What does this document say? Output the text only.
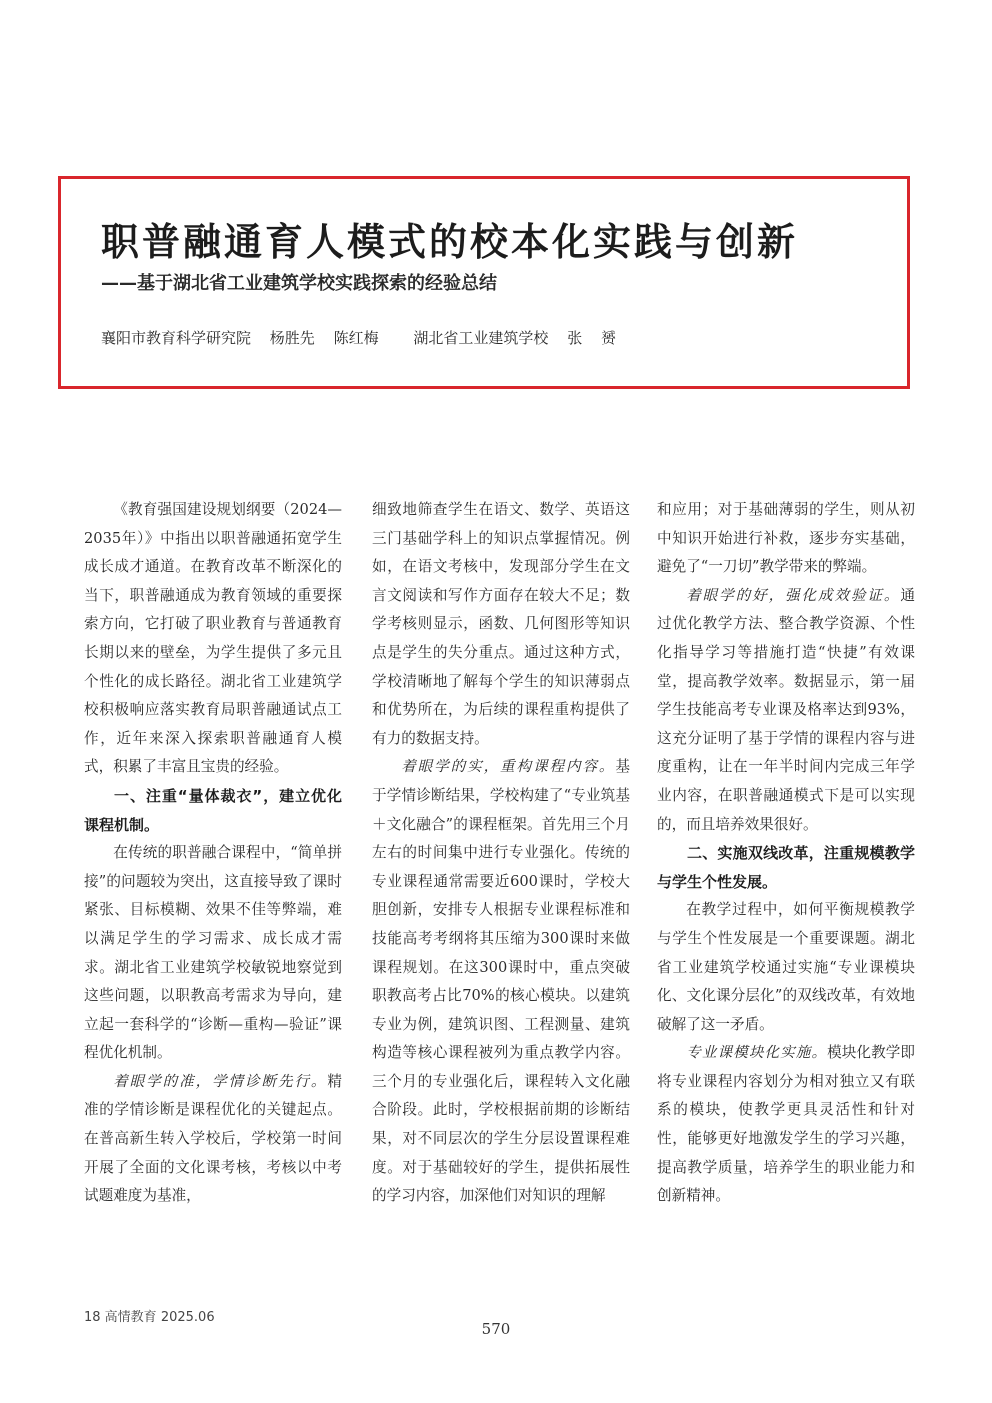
职普融通育人模式的校本化实践与创新
——基于湖北省工业建筑学校实践探索的经验总结
襄阳市教育科学研究院 杨胜先 陈红梅 湖北省工业建筑学校 张 赟

《教育强国建设规划纲要（2024—2035年）》中指出以职普融通拓宽学生成长成才通道。在教育改革不断深化的当下，职普融通成为教育领域的重要探索方向，它打破了职业教育与普通教育长期以来的壁垒，为学生提供了多元且个性化的成长路径。湖北省工业建筑学校积极响应落实教育局职普融通试点工作，近年来深入探索职普融通育人模式，积累了丰富且宝贵的经验。

一、注重“量体裁衣”，建立优化课程机制。

在传统的职普融合课程中，“简单拼接”的问题较为突出，这直接导致了课时紧张、目标模糊、效果不佳等弊端，难以满足学生的学习需求、成长成才需求。湖北省工业建筑学校敏锐地察觉到这些问题，以职教高考需求为导向，建立起一套科学的“诊断—重构—验证”课程优化机制。

着眼学的准，学情诊断先行。精准的学情诊断是课程优化的关键起点。在普高新生转入学校后，学校第一时间开展了全面的文化课考核，考核以中考试题难度为基准，

细致地筛查学生在语文、数学、英语这三门基础学科上的知识点掌握情况。例如，在语文考核中，发现部分学生在文言文阅读和写作方面存在较大不足；数学考核则显示，函数、几何图形等知识点是学生的失分重点。通过这种方式，学校清晰地了解每个学生的知识薄弱点和优势所在，为后续的课程重构提供了有力的数据支持。

着眼学的实，重构课程内容。基于学情诊断结果，学校构建了“专业筑基＋文化融合”的课程框架。首先用三个月左右的时间集中进行专业强化。传统的专业课程通常需要近600课时，学校大胆创新，安排专人根据专业课程标准和技能高考考纲将其压缩为300课时来做课程规划。在这300课时中，重点突破职教高考占比70%的核心模块。以建筑专业为例，建筑识图、工程测量、建筑构造等核心课程被列为重点教学内容。三个月的专业强化后，课程转入文化融合阶段。此时，学校根据前期的诊断结果，对不同层次的学生分层设置课程难度。对于基础较好的学生，提供拓展性的学习内容，加深他们对知识的理解

和应用；对于基础薄弱的学生，则从初中知识开始进行补救，逐步夯实基础，避免了“一刀切”教学带来的弊端。

着眼学的好，强化成效验证。通过优化教学方法、整合教学资源、个性化指导学习等措施打造“快捷”有效课堂，提高教学效率。数据显示，第一届学生技能高考专业课及格率达到93%，这充分证明了基于学情的课程内容与进度重构，让在一年半时间内完成三年学业内容，在职普融通模式下是可以实现的，而且培养效果很好。

二、实施双线改革，注重规模教学与学生个性发展。

在教学过程中，如何平衡规模教学与学生个性发展是一个重要课题。湖北省工业建筑学校通过实施“专业课模块化、文化课分层化”的双线改革，有效地破解了这一矛盾。

专业课模块化实施。模块化教学即将专业课程内容划分为相对独立又有联系的模块，使教学更具灵活性和针对性，能够更好地激发学生的学习兴趣，提高教学质量，培养学生的职业能力和创新精神。

18 高情教育 2025.06
570
